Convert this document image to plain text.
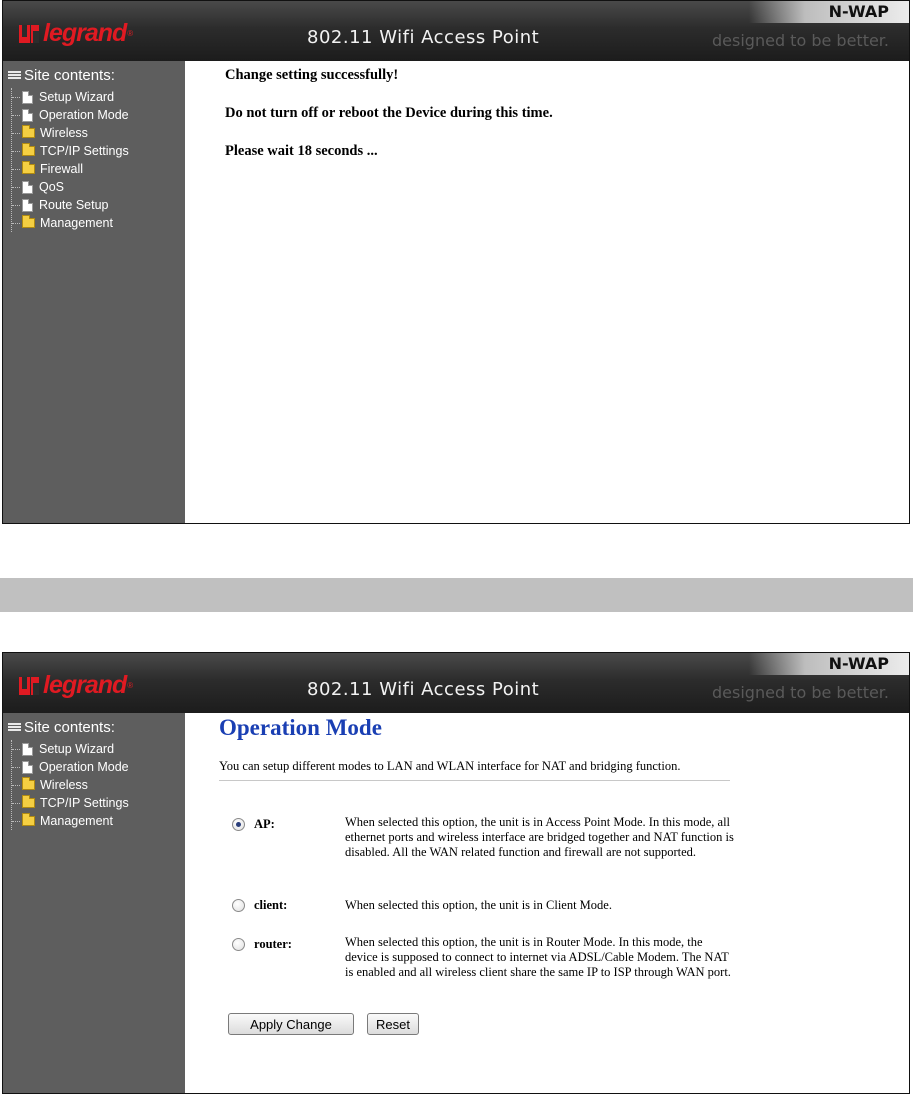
legrand ®	802.11 Wifi Access Point
N-WAP
designed to be better.
Site contents:
Setup Wizard
Operation Mode
Wireless
TCP/IP Settings
Firewall
QoS
Route Setup
Management
Change setting successfully!
Do not turn off or reboot the Device during this time.
Please wait 18 seconds ...
legrand ®	802.11 Wifi Access Point
N-WAP
designed to be better.
Site contents:
Setup Wizard
Operation Mode
Wireless
TCP/IP Settings
Management
Operation Mode
You can setup different modes to LAN and WLAN interface for NAT and bridging function.
AP:	When selected this option, the unit is in Access Point Mode. In this mode, all ethernet ports and wireless interface are bridged together and NAT function is disabled. All the WAN related function and firewall are not supported.
client:	When selected this option, the unit is in Client Mode.
router:	When selected this option, the unit is in Router Mode. In this mode, the device is supposed to connect to internet via ADSL/Cable Modem. The NAT is enabled and all wireless client share the same IP to ISP through WAN port.
Apply Change	Reset
